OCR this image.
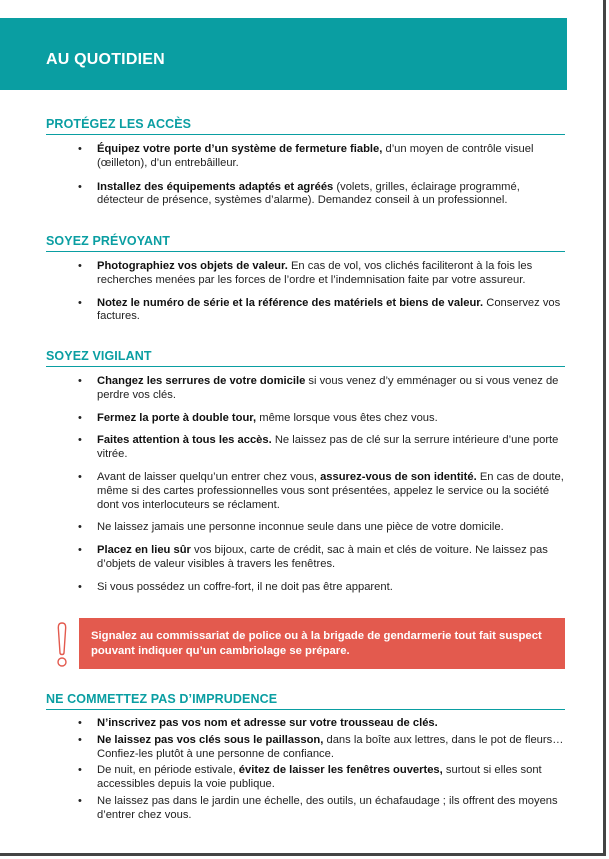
AU QUOTIDIEN
PROTÉGEZ LES ACCÈS
• Équipez votre porte d’un système de fermeture fiable, d’un moyen de contrôle visuel (œilleton), d’un entrebâilleur.
• Installez des équipements adaptés et agréés (volets, grilles, éclairage programmé, détecteur de présence, systèmes d’alarme). Demandez conseil à un professionnel.
SOYEZ PRÉVOYANT
• Photographiez vos objets de valeur. En cas de vol, vos clichés faciliteront à la fois les recherches menées par les forces de l’ordre et l’indemnisation faite par votre assureur.
• Notez le numéro de série et la référence des matériels et biens de valeur. Conservez vos factures.
SOYEZ VIGILANT
• Changez les serrures de votre domicile si vous venez d’y emménager ou si vous venez de perdre vos clés.
• Fermez la porte à double tour, même lorsque vous êtes chez vous.
• Faites attention à tous les accès. Ne laissez pas de clé sur la serrure intérieure d’une porte vitrée.
• Avant de laisser quelqu’un entrer chez vous, assurez-vous de son identité. En cas de doute, même si des cartes professionnelles vous sont présentées, appelez le service ou la société dont vos interlocuteurs se réclament.
• Ne laissez jamais une personne inconnue seule dans une pièce de votre domicile.
• Placez en lieu sûr vos bijoux, carte de crédit, sac à main et clés de voiture. Ne laissez pas d’objets de valeur visibles à travers les fenêtres.
• Si vous possédez un coffre-fort, il ne doit pas être apparent.
Signalez au commissariat de police ou à la brigade de gendarmerie tout fait suspect pouvant indiquer qu’un cambriolage se prépare.
NE COMMETTEZ PAS D’IMPRUDENCE
• N’inscrivez pas vos nom et adresse sur votre trousseau de clés.
• Ne laissez pas vos clés sous le paillasson, dans la boîte aux lettres, dans le pot de fleurs… Confiez-les plutôt à une personne de confiance.
• De nuit, en période estivale, évitez de laisser les fenêtres ouvertes, surtout si elles sont accessibles depuis la voie publique.
• Ne laissez pas dans le jardin une échelle, des outils, un échafaudage ; ils offrent des moyens d’entrer chez vous.
